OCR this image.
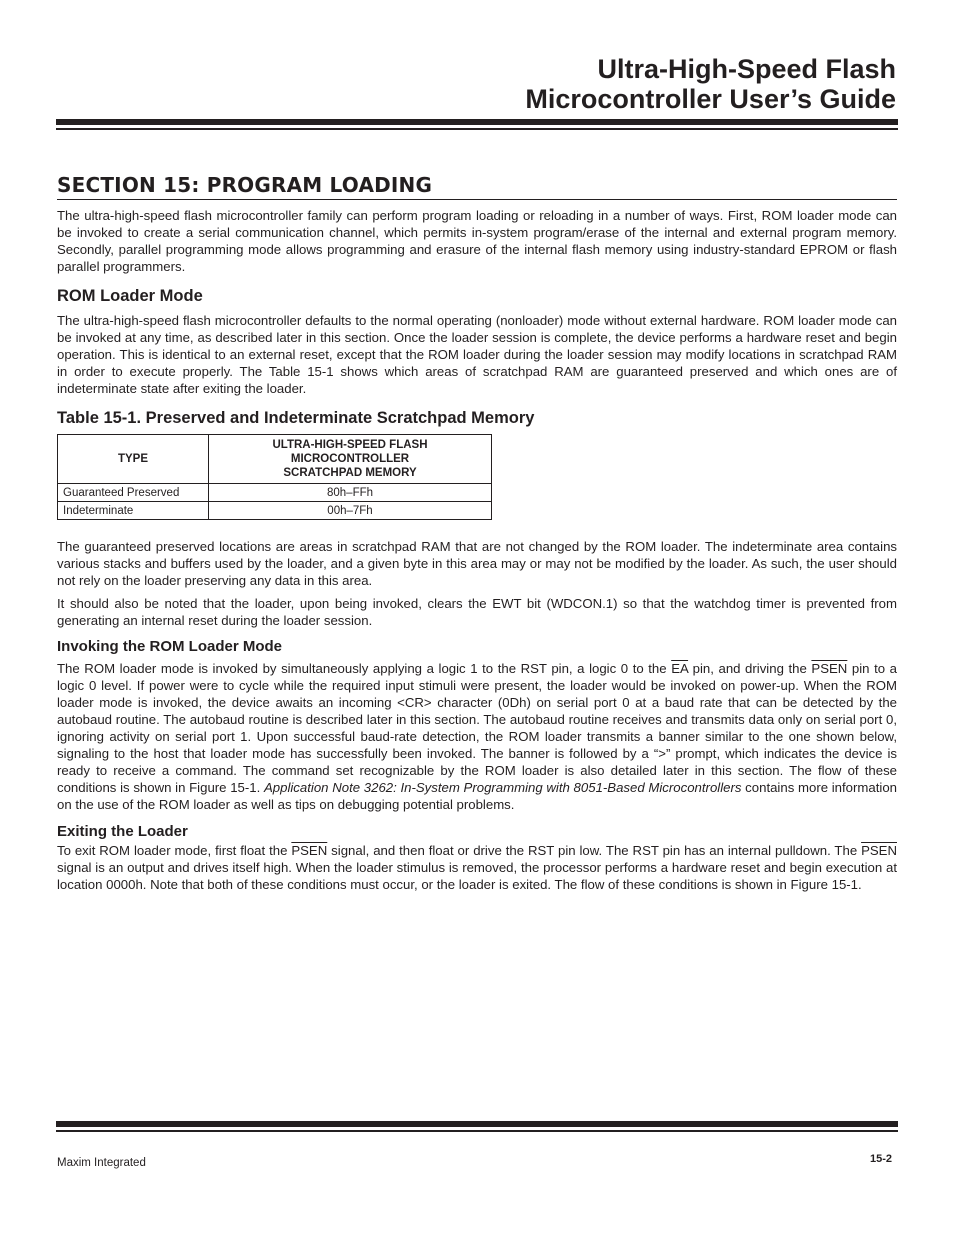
Ultra-High-Speed Flash
Microcontroller User’s Guide
SECTION 15: PROGRAM LOADING

The ultra-high-speed flash microcontroller family can perform program loading or reloading in a number of ways. First, ROM loader mode can be invoked to create a serial communication channel, which permits in-system program/erase of the internal and external program memory. Secondly, parallel programming mode allows programming and erasure of the internal flash memory using industry-standard EPROM or flash parallel programmers.

ROM Loader Mode

The ultra-high-speed flash microcontroller defaults to the normal operating (nonloader) mode without external hardware. ROM loader mode can be invoked at any time, as described later in this section. Once the loader session is complete, the device performs a hardware reset and begin operation. This is identical to an external reset, except that the ROM loader during the loader session may modify locations in scratchpad RAM in order to execute properly. The Table 15-1 shows which areas of scratchpad RAM are guaranteed preserved and which ones are of indeterminate state after exiting the loader.

Table 15-1. Preserved and Indeterminate Scratchpad Memory
TYPE	ULTRA-HIGH-SPEED FLASH
MICROCONTROLLER
SCRATCHPAD MEMORY

Guaranteed Preserved	80h–FFh
Indeterminate	00h–7Fh

The guaranteed preserved locations are areas in scratchpad RAM that are not changed by the ROM loader. The indeterminate area contains various stacks and buffers used by the loader, and a given byte in this area may or may not be modified by the loader. As such, the user should not rely on the loader preserving any data in this area.

It should also be noted that the loader, upon being invoked, clears the EWT bit (WDCON.1) so that the watchdog timer is prevented from generating an internal reset during the loader session.

Invoking the ROM Loader Mode

The ROM loader mode is invoked by simultaneously applying a logic 1 to the RST pin, a logic 0 to the $\overline{EA}$ pin, and driving the PSEN pin to a logic 0 level. If power were to cycle while the required input stimuli were present, the loader would be invoked on power-up. When the ROM loader mode is invoked, the device awaits an incoming <CR> character (0Dh) on serial port 0 at a baud rate that can be detected by the autobaud routine. The autobaud routine is described later in this section. The autobaud routine receives and transmits data only on serial port 0, ignoring activity on serial port 1. Upon successful baud-rate detection, the ROM loader transmits a banner similar to the one shown below, signaling to the host that loader mode has successfully been invoked. The banner is followed by a “>” prompt, which indicates the device is ready to receive a command. The command set recognizable by the ROM loader is also detailed later in this section. The flow of these conditions is shown in Figure 15-1. Application Note 3262: In-System Programming with 8051-Based Microcontrollers contains more information on the use of the ROM loader as well as tips on debugging potential problems.

Exiting the Loader

To exit ROM loader mode, first float the PSEN signal, and then float or drive the RST pin low. The RST pin has an internal pulldown. The PSEN signal is an output and drives itself high. When the loader stimulus is removed, the processor performs a hardware reset and begin execution at location 0000h. Note that both of these conditions must occur, or the loader is exited. The flow of these conditions is shown in Figure 15-1.

Maxim Integrated	15-2
